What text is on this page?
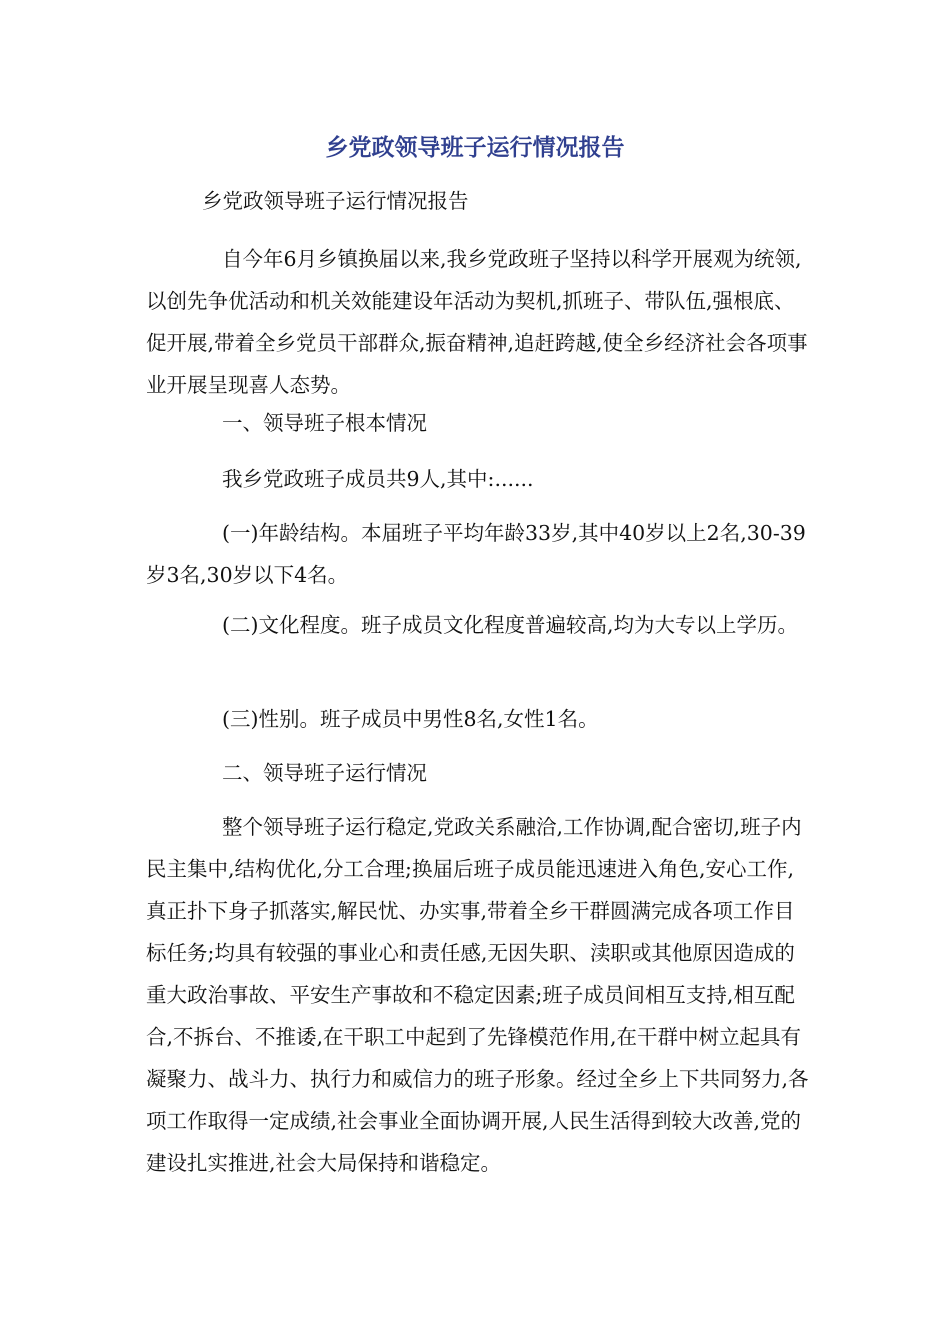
乡党政领导班子运行情况报告

乡党政领导班子运行情况报告

自今年6月乡镇换届以来,我乡党政班子坚持以科学开展观为统领,以创先争优活动和机关效能建设年活动为契机,抓班子、带队伍,强根底、促开展,带着全乡党员干部群众,振奋精神,追赶跨越,使全乡经济社会各项事业开展呈现喜人态势。

一、领导班子根本情况

我乡党政班子成员共9人,其中:......

(一)年龄结构。本届班子平均年龄33岁,其中40岁以上2名,30-39岁3名,30岁以下4名。

(二)文化程度。班子成员文化程度普遍较高,均为大专以上学历。

(三)性别。班子成员中男性8名,女性1名。

二、领导班子运行情况

整个领导班子运行稳定,党政关系融洽,工作协调,配合密切,班子内民主集中,结构优化,分工合理;换届后班子成员能迅速进入角色,安心工作,真正扑下身子抓落实,解民忧、办实事,带着全乡干群圆满完成各项工作目标任务;均具有较强的事业心和责任感,无因失职、渎职或其他原因造成的重大政治事故、平安生产事故和不稳定因素;班子成员间相互支持,相互配合,不拆台、不推诿,在干职工中起到了先锋模范作用,在干群中树立起具有凝聚力、战斗力、执行力和威信力的班子形象。经过全乡上下共同努力,各项工作取得一定成绩,社会事业全面协调开展,人民生活得到较大改善,党的建设扎实推进,社会大局保持和谐稳定。
